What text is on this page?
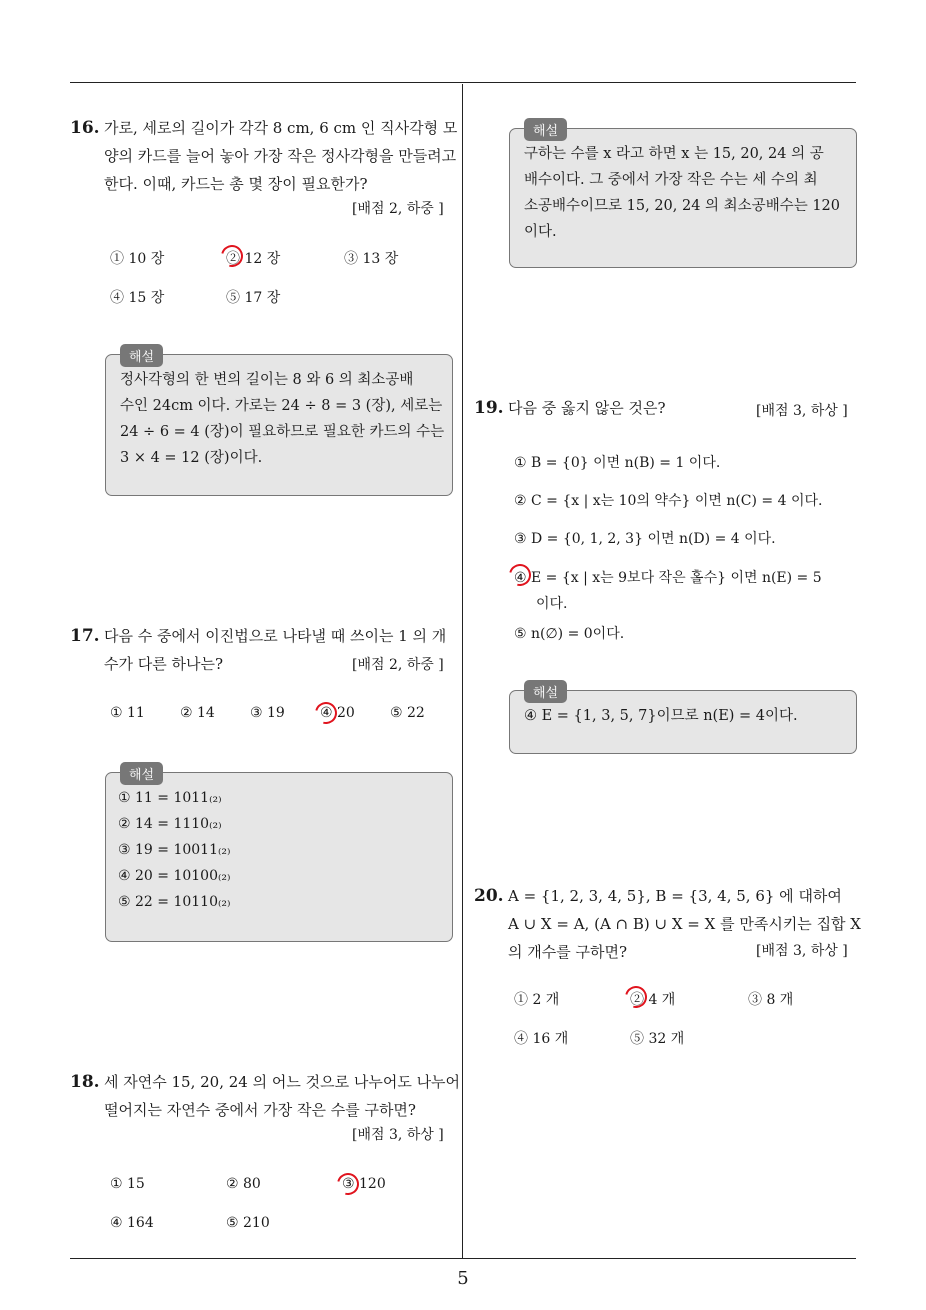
5
16. 가로, 세로의 길이가 각각 8 cm, 6 cm 인 직사각형 모
양의 카드를 늘어 놓아 가장 작은 정사각형을 만들려고
한다. 이때, 카드는 총 몇 장이 필요한가?
[배점 2, 하중 ]
① 10 장	② 12 장	③ 13 장
④ 15 장	⑤ 17 장
해설
정사각형의 한 변의 길이는 8 와 6 의 최소공배
수인 24cm 이다. 가로는 24 ÷ 8 = 3 (장), 세로는
24 ÷ 6 = 4 (장)이 필요하므로 필요한 카드의 수는
3 × 4 = 12 (장)이다.
17. 다음 수 중에서 이진법으로 나타낼 때 쓰이는 1 의 개
수가 다른 하나는?	[배점 2, 하중 ]
① 11	② 14	③ 19	④ 20	⑤ 22
해설
① 11 = 1011₍₂₎
② 14 = 1110₍₂₎
③ 19 = 10011₍₂₎
④ 20 = 10100₍₂₎
⑤ 22 = 10110₍₂₎
18. 세 자연수 15, 20, 24 의 어느 것으로 나누어도 나누어
떨어지는 자연수 중에서 가장 작은 수를 구하면?
[배점 3, 하상 ]
① 15	② 80	③ 120
④ 164	⑤ 210
해설
구하는 수를 x 라고 하면 x 는 15, 20, 24 의 공
배수이다. 그 중에서 가장 작은 수는 세 수의 최
소공배수이므로 15, 20, 24 의 최소공배수는 120
이다.
19. 다음 중 옳지 않은 것은?	[배점 3, 하상 ]
① B = {0} 이면 n(B) = 1 이다.
② C = {x | x는 10의 약수} 이면 n(C) = 4 이다.
③ D = {0, 1, 2, 3} 이면 n(D) = 4 이다.
④ E = {x | x는 9보다 작은 홀수} 이면 n(E) = 5
이다.
⑤ n(∅) = 0이다.
해설
④ E = {1, 3, 5, 7}이므로 n(E) = 4이다.
20. A = {1, 2, 3, 4, 5}, B = {3, 4, 5, 6} 에 대하여
A ∪ X = A, (A ∩ B) ∪ X = X 를 만족시키는 집합 X
의 개수를 구하면?	[배점 3, 하상 ]
① 2 개	② 4 개	③ 8 개
④ 16 개	⑤ 32 개
